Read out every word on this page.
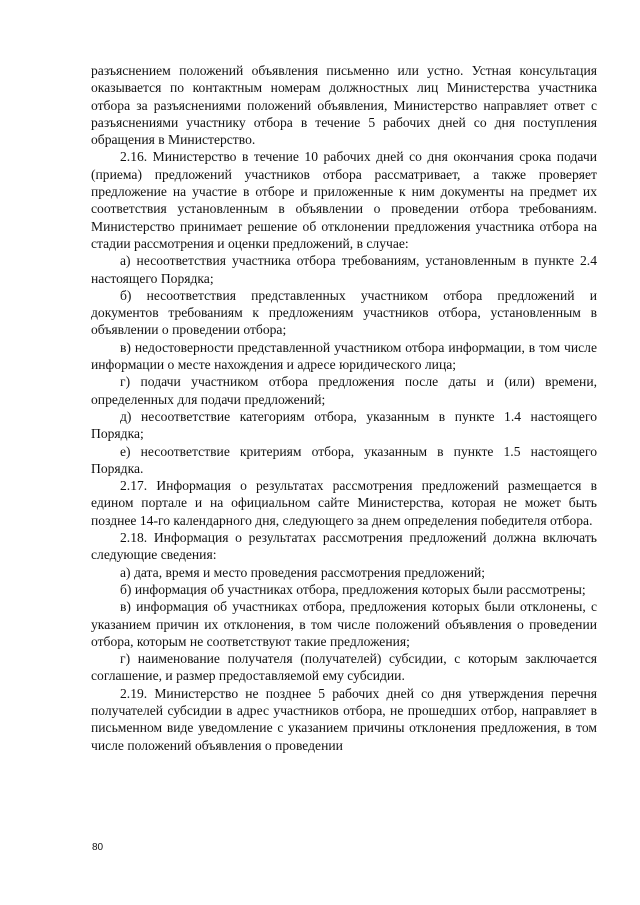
разъяснением положений объявления письменно или устно. Устная консультация оказывается по контактным номерам должностных лиц Министерства участника отбора за разъяснениями положений объявления, Министерство направляет ответ с разъяснениями участнику отбора в течение 5 рабочих дней со дня поступления обращения в Министерство.

2.16. Министерство в течение 10 рабочих дней со дня окончания срока подачи (приема) предложений участников отбора рассматривает, а также проверяет предложение на участие в отборе и приложенные к ним документы на предмет их соответствия установленным в объявлении о проведении отбора требованиям. Министерство принимает решение об отклонении предложения участника отбора на стадии рассмотрения и оценки предложений, в случае:

а) несоответствия участника отбора требованиям, установленным в пункте 2.4 настоящего Порядка;

б) несоответствия представленных участником отбора предложений и документов требованиям к предложениям участников отбора, установленным в объявлении о проведении отбора;

в) недостоверности представленной участником отбора информации, в том числе информации о месте нахождения и адресе юридического лица;

г) подачи участником отбора предложения после даты и (или) времени, определенных для подачи предложений;

д) несоответствие категориям отбора, указанным в пункте 1.4 настоящего Порядка;

е) несоответствие критериям отбора, указанным в пункте 1.5 настоящего Порядка.

2.17. Информация о результатах рассмотрения предложений размещается в едином портале и на официальном сайте Министерства, которая не может быть позднее 14-го календарного дня, следующего за днем определения победителя отбора.

2.18. Информация о результатах рассмотрения предложений должна включать следующие сведения:

а) дата, время и место проведения рассмотрения предложений;

б) информация об участниках отбора, предложения которых были рассмотрены;

в) информация об участниках отбора, предложения которых были отклонены, с указанием причин их отклонения, в том числе положений объявления о проведении отбора, которым не соответствуют такие предложения;

г) наименование получателя (получателей) субсидии, с которым заключается соглашение, и размер предоставляемой ему субсидии.

2.19. Министерство не позднее 5 рабочих дней со дня утверждения перечня получателей субсидии в адрес участников отбора, не прошедших отбор, направляет в письменном виде уведомление с указанием причины отклонения предложения, в том числе положений объявления о проведении

80
